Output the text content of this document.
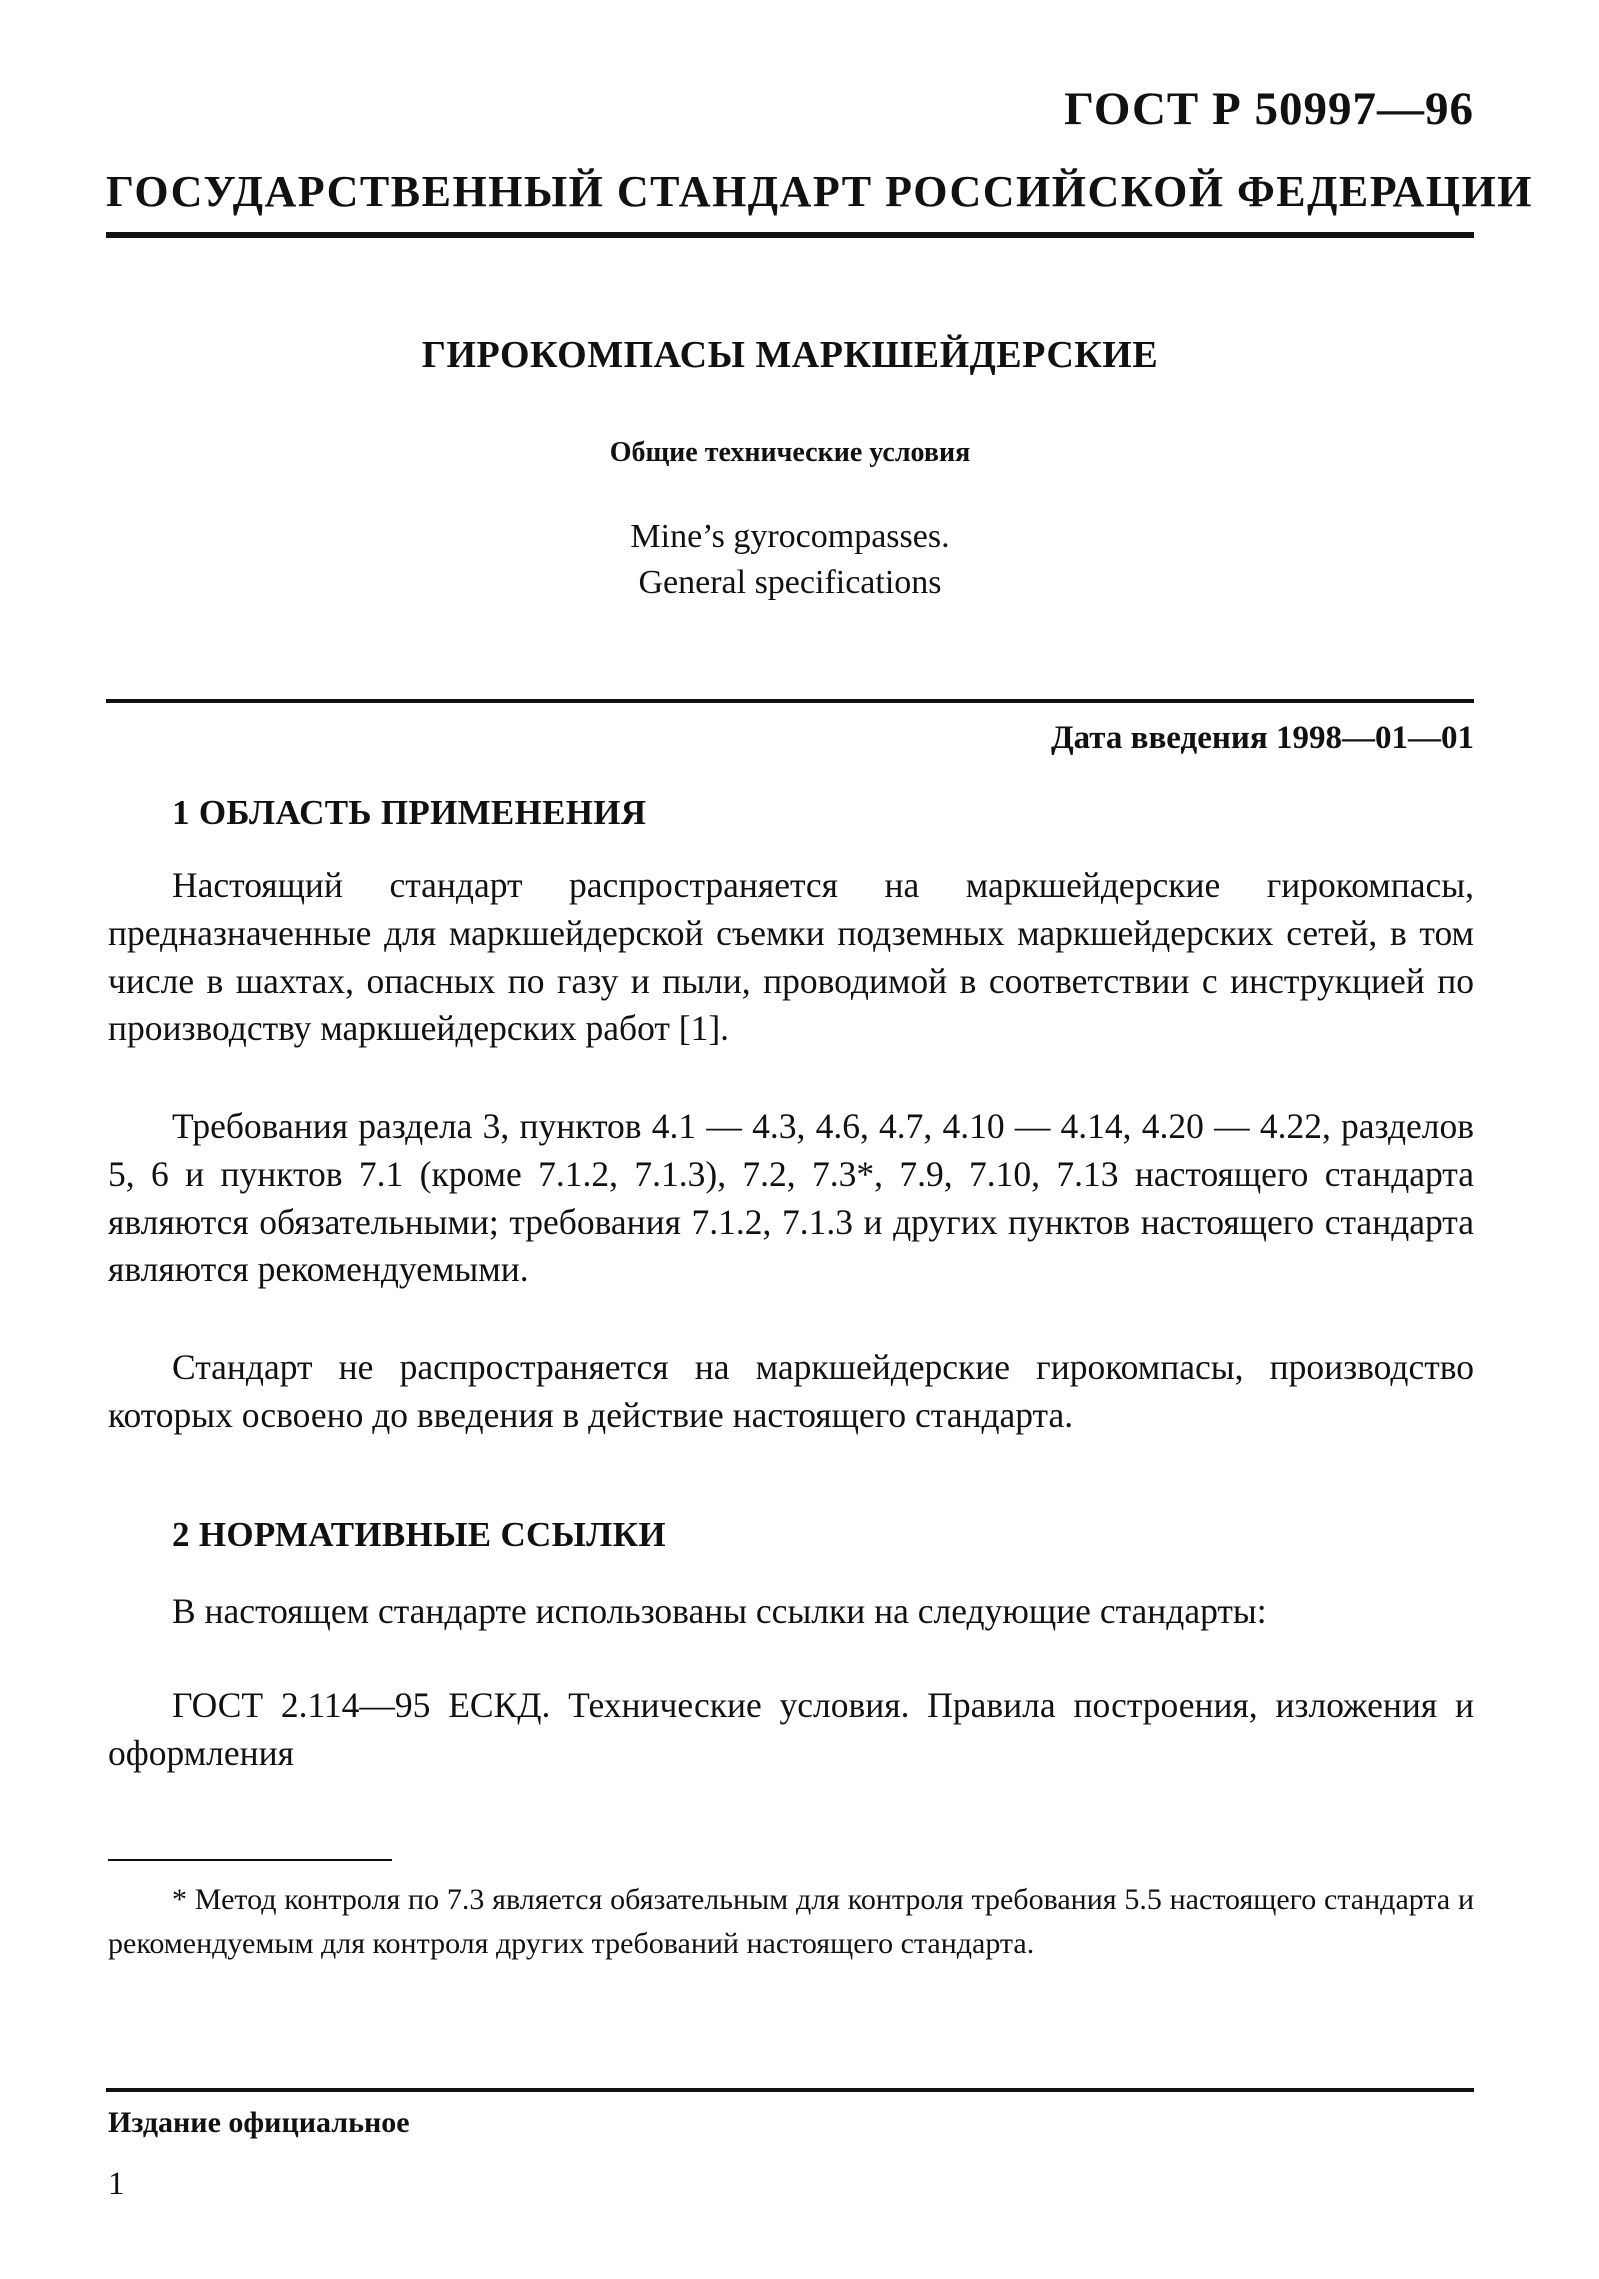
ГОСТ Р 50997—96
ГОСУДАРСТВЕННЫЙ СТАНДАРТ РОССИЙСКОЙ ФЕДЕРАЦИИ
ГИРОКОМПАСЫ МАРКШЕЙДЕРСКИЕ
Общие технические условия
Mine’s gyrocompasses.
General specifications
Дата введения 1998—01—01
1 ОБЛАСТЬ ПРИМЕНЕНИЯ

Настоящий стандарт распространяется на маркшейдерские гирокомпасы, предназначенные для маркшейдерской съемки подземных маркшейдерских сетей, в том числе в шахтах, опасных по газу и пыли, проводимой в соответствии с инструкцией по производству маркшейдерских работ [1].

Требования раздела 3, пунктов 4.1 — 4.3, 4.6, 4.7, 4.10 — 4.14, 4.20 — 4.22, разделов 5, 6 и пунктов 7.1 (кроме 7.1.2, 7.1.3), 7.2, 7.3*, 7.9, 7.10, 7.13 настоящего стандарта являются обязательными; требования 7.1.2, 7.1.3 и других пунктов настоящего стандарта являются рекомендуемыми.

Стандарт не распространяется на маркшейдерские гирокомпасы, производство которых освоено до введения в действие настоящего стандарта.

2 НОРМАТИВНЫЕ ССЫЛКИ

В настоящем стандарте использованы ссылки на следующие стандарты:

ГОСТ 2.114—95 ЕСКД. Технические условия. Правила построения, изложения и оформления

* Метод контроля по 7.3 является обязательным для контроля требования 5.5 настоящего стандарта и рекомендуемым для контроля других требований настоящего стандарта.

Издание официальное
1
